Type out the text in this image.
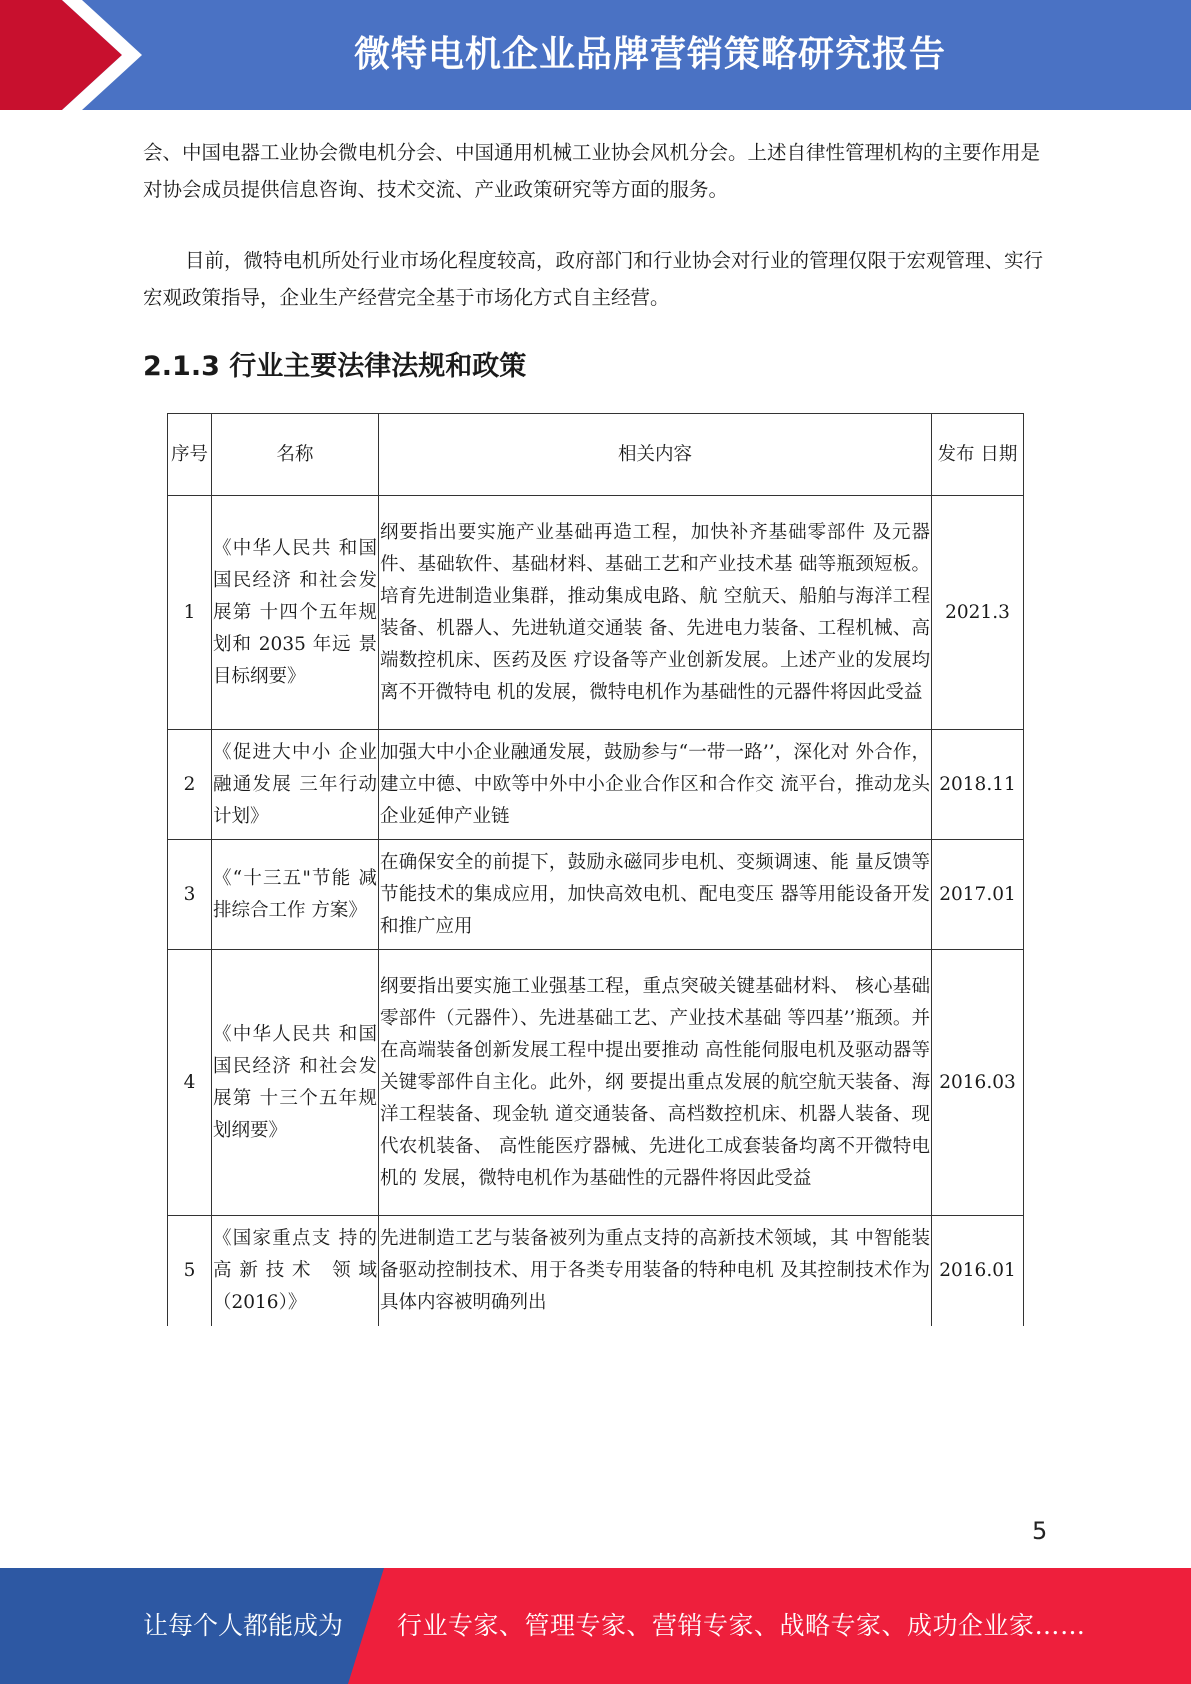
微特电机企业品牌营销策略研究报告

会、中国电器工业协会微电机分会、中国通用机械工业协会风机分会。上述自律性管理机构的主要作用是对协会成员提供信息咨询、技术交流、产业政策研究等方面的服务。

目前，微特电机所处行业市场化程度较高，政府部门和行业协会对行业的管理仅限于宏观管理、实行宏观政策指导，企业生产经营完全基于市场化方式自主经营。

2.1.3 行业主要法律法规和政策
序号	名称	相关内容	发布 日期
1	《中华人民共 和国国民经济 和社会发展第 十四个五年规 划和 2035 年远 景目标纲要》	纲要指出要实施产业基础再造工程，加快补齐基础零部件 及元器件、基础软件、基础材料、基础工艺和产业技术基 础等瓶颈短板。培育先进制造业集群，推动集成电路、航 空航天、船舶与海洋工程装备、机器人、先进轨道交通装 备、先进电力装备、工程机械、高端数控机床、医药及医 疗设备等产业创新发展。上述产业的发展均离不开微特电 机的发展，微特电机作为基础性的元器件将因此受益	2021.3
2	《促进大中小 企业融通发展 三年行动计划》	加强大中小企业融通发展，鼓励参与“一带一路’’，深化对 外合作，建立中德、中欧等中外中小企业合作区和合作交 流平台，推动龙头企业延伸产业链	2018.11
3	《“十三五"节能 减排综合工作 方案》	在确保安全的前提下，鼓励永磁同步电机、变频调速、能 量反馈等节能技术的集成应用，加快高效电机、配电变压 器等用能设备开发和推广应用	2017.01
4	《中华人民共 和国国民经济 和社会发展第 十三个五年规 划纲要》	纲要指出要实施工业强基工程，重点突破关键基础材料、 核心基础零部件（元器件）、先进基础工艺、产业技术基础 等四基’’瓶颈。并在高端装备创新发展工程中提出要推动 高性能伺服电机及驱动器等关键零部件自主化。此外，纲 要提出重点发展的航空航天装备、海洋工程装备、现金轨 道交通装备、高档数控机床、机器人装备、现代农机装备、 高性能医疗器械、先进化工成套装备均离不开微特电机的 发展，微特电机作为基础性的元器件将因此受益	2016.03
5	《国家重点支 持的高新技术 领域（2016）》	先进制造工艺与装备被列为重点支持的高新技术领域，其 中智能装备驱动控制技术、用于各类专用装备的特种电机 及其控制技术作为具体内容被明确列出	2016.01
5
让每个人都能成为 行业专家、管理专家、营销专家、战略专家、成功企业家……
